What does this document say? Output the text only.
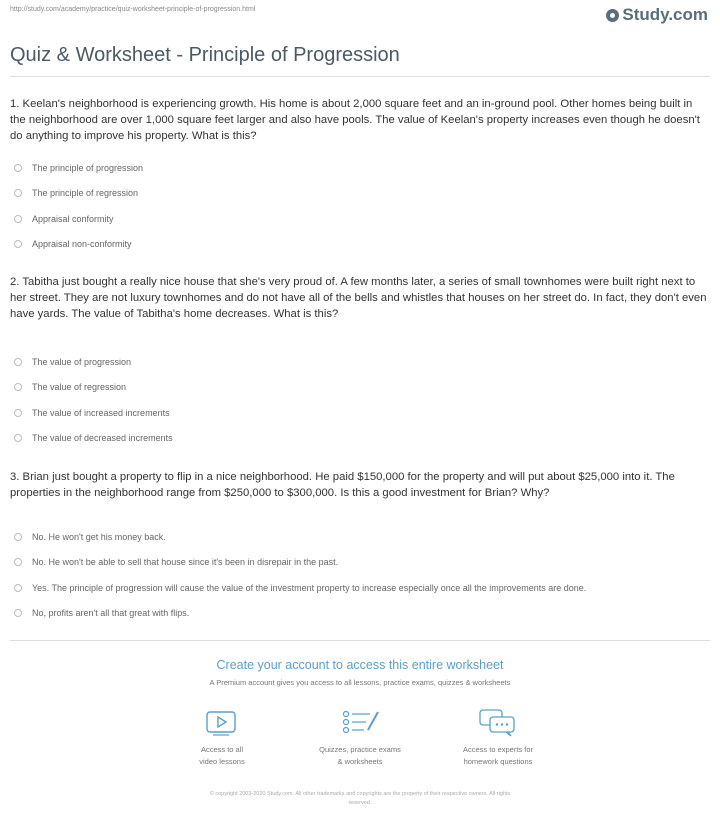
http://study.com/academy/practice/quiz-worksheet-principle-of-progression.html	Study.com
Quiz & Worksheet - Principle of Progression
1. Keelan's neighborhood is experiencing growth. His home is about 2,000 square feet and an in-ground pool. Other homes being built in the neighborhood are over 1,000 square feet larger and also have pools. The value of Keelan's property increases even though he doesn't do anything to improve his property. What is this?
The principle of progression
The principle of regression
Appraisal conformity
Appraisal non-conformity
2. Tabitha just bought a really nice house that she's very proud of. A few months later, a series of small townhomes were built right next to her street. They are not luxury townhomes and do not have all of the bells and whistles that houses on her street do. In fact, they don't even have yards. The value of Tabitha's home decreases. What is this?
The value of progression
The value of regression
The value of increased increments
The value of decreased increments
3. Brian just bought a property to flip in a nice neighborhood. He paid $150,000 for the property and will put about $25,000 into it. The properties in the neighborhood range from $250,000 to $300,000. Is this a good investment for Brian? Why?
No. He won't get his money back.
No. He won't be able to sell that house since it's been in disrepair in the past.
Yes. The principle of progression will cause the value of the investment property to increase especially once all the improvements are done.
No, profits aren't all that great with flips.
Create your account to access this entire worksheet
A Premium account gives you access to all lessons, practice exams, quizzes & worksheets
Access to all
video lessons
Quizzes, practice exams
& worksheets
Access to experts for
homework questions
© copyright 2003-2020 Study.com. All other trademarks and copyrights are the property of their respective owners. All rights
reserved.
